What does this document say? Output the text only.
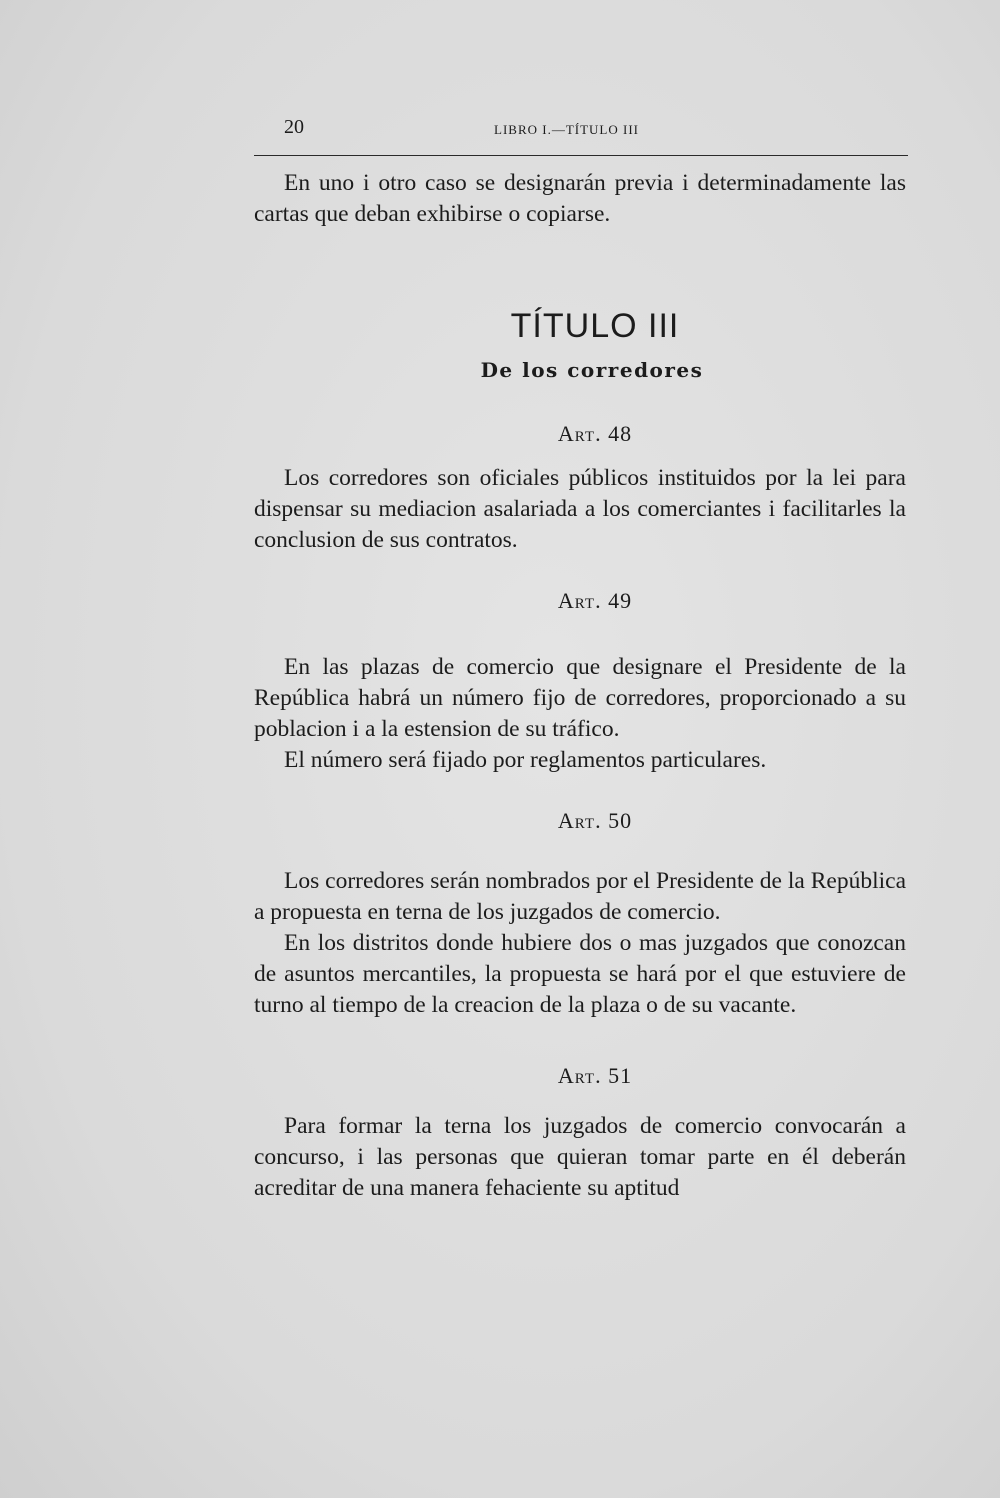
20	LIBRO I.—TÍTULO III

En uno i otro caso se designarán previa i determinadamente las cartas que deban exhibirse o copiarse.

TÍTULO III
De los corredores
Art. 48

Los corredores son oficiales públicos instituidos por la lei para dispensar su mediacion asalariada a los comerciantes i facilitarles la conclusion de sus contratos.

Art. 49

En las plazas de comercio que designare el Presidente de la República habrá un número fijo de corredores, proporcionado a su poblacion i a la estension de su tráfico.

El número será fijado por reglamentos particulares.

Art. 50

Los corredores serán nombrados por el Presidente de la República a propuesta en terna de los juzgados de comercio.

En los distritos donde hubiere dos o mas juzgados que conozcan de asuntos mercantiles, la propuesta se hará por el que estuviere de turno al tiempo de la creacion de la plaza o de su vacante.

Art. 51

Para formar la terna los juzgados de comercio convocarán a concurso, i las personas que quieran tomar parte en él deberán acreditar de una manera fehaciente su aptitud
